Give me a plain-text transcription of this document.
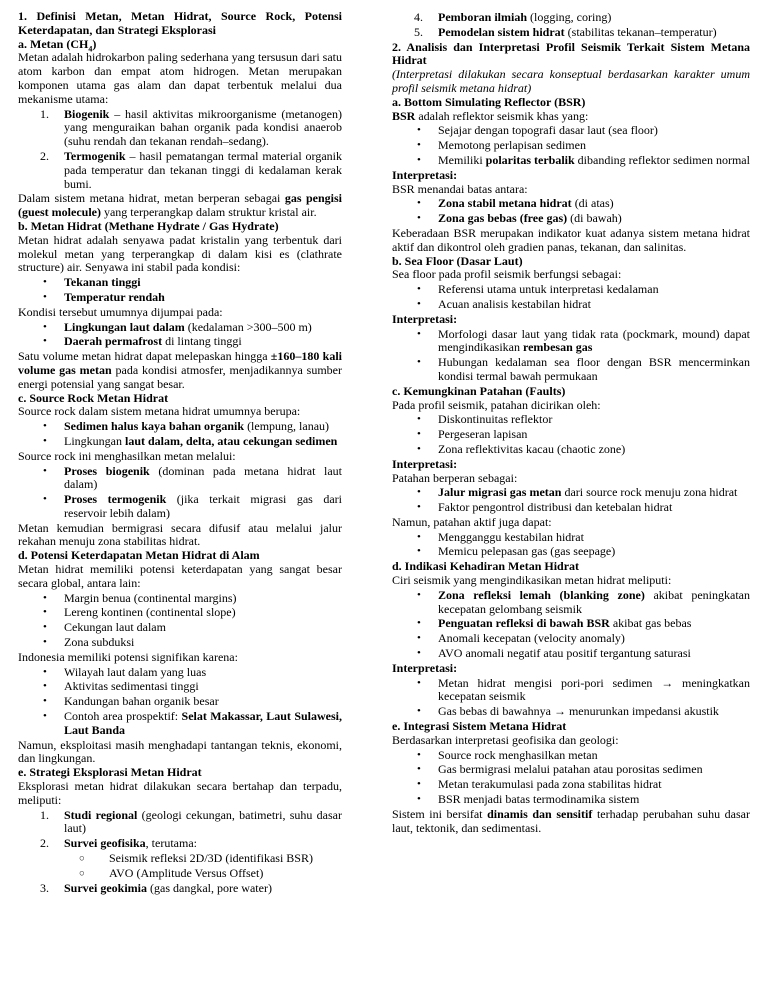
1. Definisi Metan, Metan Hidrat, Source Rock, Potensi Keterdapatan, dan Strategi Eksplorasi
a. Metan $(CH_4)$
Metan adalah hidrokarbon paling sederhana yang tersusun dari satu atom karbon dan empat atom hidrogen. Metan merupakan komponen utama gas alam dan dapat terbentuk melalui dua mekanisme utama:
1. Biogenik – hasil aktivitas mikroorganisme (metanogen) yang menguraikan bahan organik pada kondisi anaerob (suhu rendah dan tekanan rendah–sedang).
2. Termogenik – hasil pematangan termal material organik pada temperatur dan tekanan tinggi di kedalaman kerak bumi.
Dalam sistem metana hidrat, metan berperan sebagai gas pengisi (guest molecule) yang terperangkap dalam struktur kristal air.
b. Metan Hidrat (Methane Hydrate / Gas Hydrate)
Metan hidrat adalah senyawa padat kristalin yang terbentuk dari molekul metan yang terperangkap di dalam kisi es (clathrate structure) air. Senyawa ini stabil pada kondisi:
• Tekanan tinggi
• Temperatur rendah
Kondisi tersebut umumnya dijumpai pada:
• Lingkungan laut dalam (kedalaman >300–500 m)
• Daerah permafrost di lintang tinggi
Satu volume metan hidrat dapat melepaskan hingga ±160–180 kali volume gas metan pada kondisi atmosfer, menjadikannya sumber energi potensial yang sangat besar.
c. Source Rock Metan Hidrat
Source rock dalam sistem metana hidrat umumnya berupa:
• Sedimen halus kaya bahan organik (lempung, lanau)
• Lingkungan laut dalam, delta, atau cekungan sedimen
Source rock ini menghasilkan metan melalui:
• Proses biogenik (dominan pada metana hidrat laut dalam)
• Proses termogenik (jika terkait migrasi gas dari reservoir lebih dalam)
Metan kemudian bermigrasi secara difusif atau melalui jalur rekahan menuju zona stabilitas hidrat.
d. Potensi Keterdapatan Metan Hidrat di Alam
Metan hidrat memiliki potensi keterdapatan yang sangat besar secara global, antara lain:
• Margin benua (continental margins)
• Lereng kontinen (continental slope)
• Cekungan laut dalam
• Zona subduksi
Indonesia memiliki potensi signifikan karena:
• Wilayah laut dalam yang luas
• Aktivitas sedimentasi tinggi
• Kandungan bahan organik besar
• Contoh area prospektif: Selat Makassar, Laut Sulawesi, Laut Banda
Namun, eksploitasi masih menghadapi tantangan teknis, ekonomi, dan lingkungan.
e. Strategi Eksplorasi Metan Hidrat
Eksplorasi metan hidrat dilakukan secara bertahap dan terpadu, meliputi:
1. Studi regional (geologi cekungan, batimetri, suhu dasar laut)
2. Survei geofisika, terutama:
○ Seismik refleksi 2D/3D (identifikasi BSR)
○ AVO (Amplitude Versus Offset)
3. Survei geokimia (gas dangkal, pore water)
4. Pemboran ilmiah (logging, coring)
5. Pemodelan sistem hidrat (stabilitas tekanan–temperatur)
2. Analisis dan Interpretasi Profil Seismik Terkait Sistem Metana Hidrat
(Interpretasi dilakukan secara konseptual berdasarkan karakter umum profil seismik metana hidrat)
a. Bottom Simulating Reflector (BSR)
BSR adalah reflektor seismik khas yang:
• Sejajar dengan topografi dasar laut (sea floor)
• Memotong perlapisan sedimen
• Memiliki polaritas terbalik dibanding reflektor sedimen normal
Interpretasi:
BSR menandai batas antara:
• Zona stabil metana hidrat (di atas)
• Zona gas bebas (free gas) (di bawah)
Keberadaan BSR merupakan indikator kuat adanya sistem metana hidrat aktif dan dikontrol oleh gradien panas, tekanan, dan salinitas.
b. Sea Floor (Dasar Laut)
Sea floor pada profil seismik berfungsi sebagai:
• Referensi utama untuk interpretasi kedalaman
• Acuan analisis kestabilan hidrat
Interpretasi:
• Morfologi dasar laut yang tidak rata (pockmark, mound) dapat mengindikasikan rembesan gas
• Hubungan kedalaman sea floor dengan BSR mencerminkan kondisi termal bawah permukaan
c. Kemungkinan Patahan (Faults)
Pada profil seismik, patahan dicirikan oleh:
• Diskontinuitas reflektor
• Pergeseran lapisan
• Zona reflektivitas kacau (chaotic zone)
Interpretasi:
Patahan berperan sebagai:
• Jalur migrasi gas metan dari source rock menuju zona hidrat
• Faktor pengontrol distribusi dan ketebalan hidrat
Namun, patahan aktif juga dapat:
• Mengganggu kestabilan hidrat
• Memicu pelepasan gas (gas seepage)
d. Indikasi Kehadiran Metan Hidrat
Ciri seismik yang mengindikasikan metan hidrat meliputi:
• Zona refleksi lemah (blanking zone) akibat peningkatan kecepatan gelombang seismik
• Penguatan refleksi di bawah BSR akibat gas bebas
• Anomali kecepatan (velocity anomaly)
• AVO anomali negatif atau positif tergantung saturasi
Interpretasi:
• Metan hidrat mengisi pori-pori sedimen → meningkatkan kecepatan seismik
• Gas bebas di bawahnya → menurunkan impedansi akustik
e. Integrasi Sistem Metana Hidrat
Berdasarkan interpretasi geofisika dan geologi:
• Source rock menghasilkan metan
• Gas bermigrasi melalui patahan atau porositas sedimen
• Metan terakumulasi pada zona stabilitas hidrat
• BSR menjadi batas termodinamika sistem
Sistem ini bersifat dinamis dan sensitif terhadap perubahan suhu dasar laut, tektonik, dan sedimentasi.
